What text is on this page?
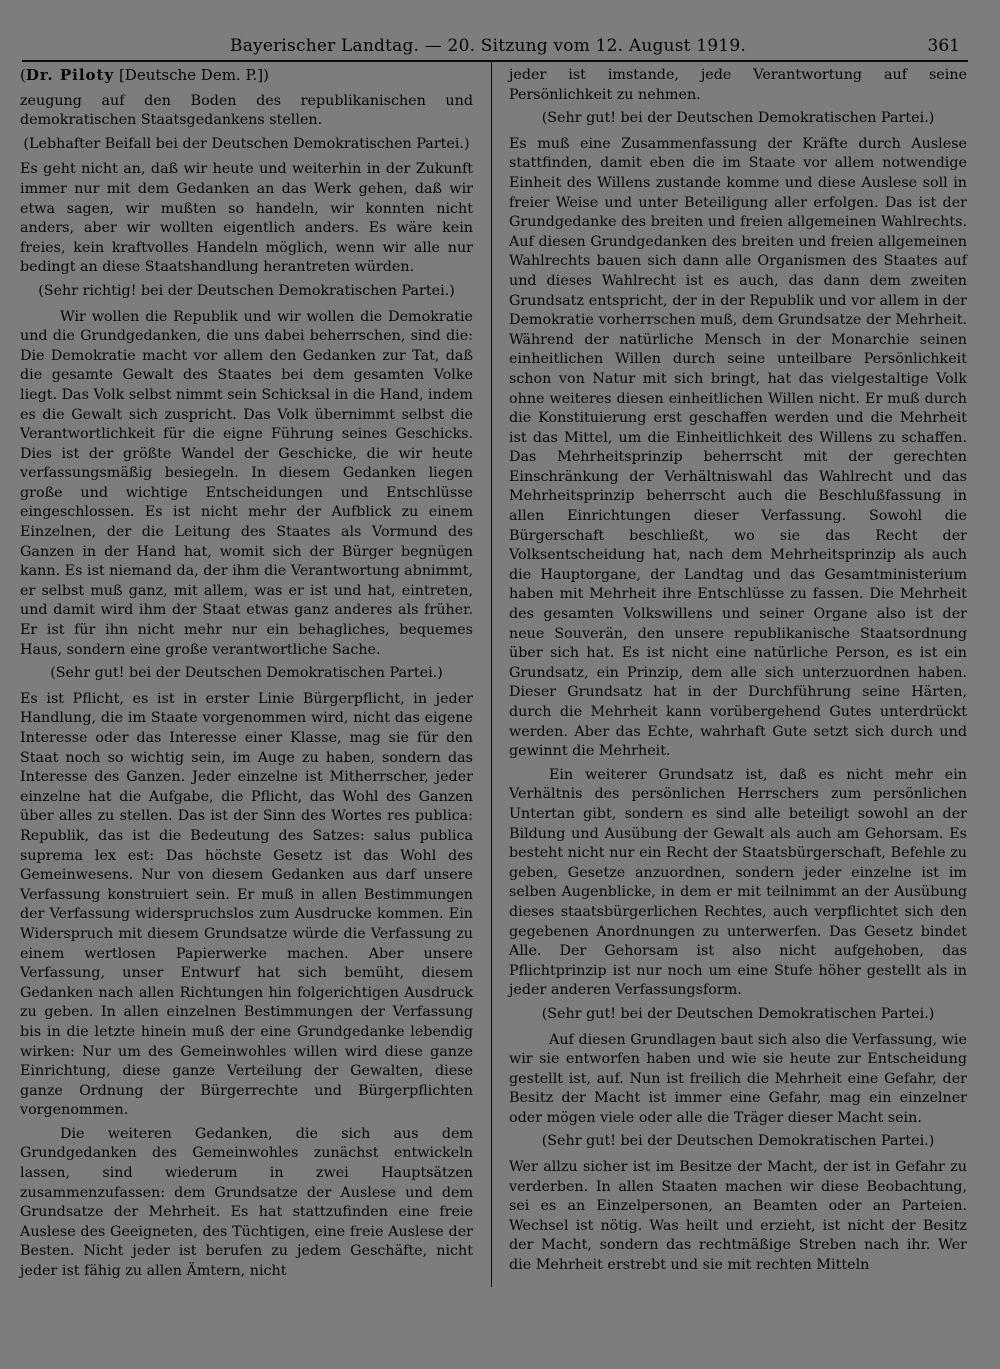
Bayerischer Landtag. — 20. Sitzung vom 12. August 1919.	361

(Dr. Piloty [Deutsche Dem. P.])

zeugung auf den Boden des republikanischen und demokratischen Staatsgedankens stellen.

(Lebhafter Beifall bei der Deutschen Demokratischen Partei.)

Es geht nicht an, daß wir heute und weiterhin in der Zukunft immer nur mit dem Gedanken an das Werk gehen, daß wir etwa sagen, wir mußten so handeln, wir konnten nicht anders, aber wir wollten eigentlich anders. Es wäre kein freies, kein kraftvolles Handeln möglich, wenn wir alle nur bedingt an diese Staatshandlung herantreten würden.

(Sehr richtig! bei der Deutschen Demokratischen Partei.)

Wir wollen die Republik und wir wollen die Demokratie und die Grundgedanken, die uns dabei beherrschen, sind die: Die Demokratie macht vor allem den Gedanken zur Tat, daß die gesamte Gewalt des Staates bei dem gesamten Volke liegt. Das Volk selbst nimmt sein Schicksal in die Hand, indem es die Gewalt sich zuspricht. Das Volk übernimmt selbst die Verantwortlichkeit für die eigne Führung seines Geschicks. Dies ist der größte Wandel der Geschicke, die wir heute verfassungsmäßig besiegeln. In diesem Gedanken liegen große und wichtige Entscheidungen und Entschlüsse eingeschlossen. Es ist nicht mehr der Aufblick zu einem Einzelnen, der die Leitung des Staates als Vormund des Ganzen in der Hand hat, womit sich der Bürger begnügen kann. Es ist niemand da, der ihm die Verantwortung abnimmt, er selbst muß ganz, mit allem, was er ist und hat, eintreten, und damit wird ihm der Staat etwas ganz anderes als früher. Er ist für ihn nicht mehr nur ein behagliches, bequemes Haus, sondern eine große verantwortliche Sache.

(Sehr gut! bei der Deutschen Demokratischen Partei.)

Es ist Pflicht, es ist in erster Linie Bürgerpflicht, in jeder Handlung, die im Staate vorgenommen wird, nicht das eigene Interesse oder das Interesse einer Klasse, mag sie für den Staat noch so wichtig sein, im Auge zu haben, sondern das Interesse des Ganzen. Jeder einzelne ist Mitherrscher, jeder einzelne hat die Aufgabe, die Pflicht, das Wohl des Ganzen über alles zu stellen. Das ist der Sinn des Wortes res publica: Republik, das ist die Bedeutung des Satzes: salus publica suprema lex est: Das höchste Gesetz ist das Wohl des Gemeinwesens. Nur von diesem Gedanken aus darf unsere Verfassung konstruiert sein. Er muß in allen Bestimmungen der Verfassung widerspruchslos zum Ausdrucke kommen. Ein Widerspruch mit diesem Grundsatze würde die Verfassung zu einem wertlosen Papierwerke machen. Aber unsere Verfassung, unser Entwurf hat sich bemüht, diesem Gedanken nach allen Richtungen hin folgerichtigen Ausdruck zu geben. In allen einzelnen Bestimmungen der Verfassung bis in die letzte hinein muß der eine Grundgedanke lebendig wirken: Nur um des Gemeinwohles willen wird diese ganze Einrichtung, diese ganze Verteilung der Gewalten, diese ganze Ordnung der Bürgerrechte und Bürgerpflichten vorgenommen.

Die weiteren Gedanken, die sich aus dem Grundgedanken des Gemeinwohles zunächst entwickeln lassen, sind wiederum in zwei Hauptsätzen zusammenzufassen: dem Grundsatze der Auslese und dem Grundsatze der Mehrheit. Es hat stattzufinden eine freie Auslese des Geeigneten, des Tüchtigen, eine freie Auslese der Besten. Nicht jeder ist berufen zu jedem Geschäfte, nicht jeder ist fähig zu allen Ämtern, nicht

jeder ist imstande, jede Verantwortung auf seine Persönlichkeit zu nehmen.

(Sehr gut! bei der Deutschen Demokratischen Partei.)

Es muß eine Zusammenfassung der Kräfte durch Auslese stattfinden, damit eben die im Staate vor allem notwendige Einheit des Willens zustande komme und diese Auslese soll in freier Weise und unter Beteiligung aller erfolgen. Das ist der Grundgedanke des breiten und freien allgemeinen Wahlrechts. Auf diesen Grundgedanken des breiten und freien allgemeinen Wahlrechts bauen sich dann alle Organismen des Staates auf und dieses Wahlrecht ist es auch, das dann dem zweiten Grundsatz entspricht, der in der Republik und vor allem in der Demokratie vorherrschen muß, dem Grundsatze der Mehrheit. Während der natürliche Mensch in der Monarchie seinen einheitlichen Willen durch seine unteilbare Persönlichkeit schon von Natur mit sich bringt, hat das vielgestaltige Volk ohne weiteres diesen einheitlichen Willen nicht. Er muß durch die Konstituierung erst geschaffen werden und die Mehrheit ist das Mittel, um die Einheitlichkeit des Willens zu schaffen. Das Mehrheitsprinzip beherrscht mit der gerechten Einschränkung der Verhältniswahl das Wahlrecht und das Mehrheitsprinzip beherrscht auch die Beschlußfassung in allen Einrichtungen dieser Verfassung. Sowohl die Bürgerschaft beschließt, wo sie das Recht der Volksentscheidung hat, nach dem Mehrheitsprinzip als auch die Hauptorgane, der Landtag und das Gesamtministerium haben mit Mehrheit ihre Entschlüsse zu fassen. Die Mehrheit des gesamten Volkswillens und seiner Organe also ist der neue Souverän, den unsere republikanische Staatsordnung über sich hat. Es ist nicht eine natürliche Person, es ist ein Grundsatz, ein Prinzip, dem alle sich unterzuordnen haben. Dieser Grundsatz hat in der Durchführung seine Härten, durch die Mehrheit kann vorübergehend Gutes unterdrückt werden. Aber das Echte, wahrhaft Gute setzt sich durch und gewinnt die Mehrheit.

Ein weiterer Grundsatz ist, daß es nicht mehr ein Verhältnis des persönlichen Herrschers zum persönlichen Untertan gibt, sondern es sind alle beteiligt sowohl an der Bildung und Ausübung der Gewalt als auch am Gehorsam. Es besteht nicht nur ein Recht der Staatsbürgerschaft, Befehle zu geben, Gesetze anzuordnen, sondern jeder einzelne ist im selben Augenblicke, in dem er mit teilnimmt an der Ausübung dieses staatsbürgerlichen Rechtes, auch verpflichtet sich den gegebenen Anordnungen zu unterwerfen. Das Gesetz bindet Alle. Der Gehorsam ist also nicht aufgehoben, das Pflichtprinzip ist nur noch um eine Stufe höher gestellt als in jeder anderen Verfassungsform.

(Sehr gut! bei der Deutschen Demokratischen Partei.)

Auf diesen Grundlagen baut sich also die Verfassung, wie wir sie entworfen haben und wie sie heute zur Entscheidung gestellt ist, auf. Nun ist freilich die Mehrheit eine Gefahr, der Besitz der Macht ist immer eine Gefahr, mag ein einzelner oder mögen viele oder alle die Träger dieser Macht sein.

(Sehr gut! bei der Deutschen Demokratischen Partei.)

Wer allzu sicher ist im Besitze der Macht, der ist in Gefahr zu verderben. In allen Staaten machen wir diese Beobachtung, sei es an Einzelpersonen, an Beamten oder an Parteien. Wechsel ist nötig. Was heilt und erzieht, ist nicht der Besitz der Macht, sondern das rechtmäßige Streben nach ihr. Wer die Mehrheit erstrebt und sie mit rechten Mitteln
